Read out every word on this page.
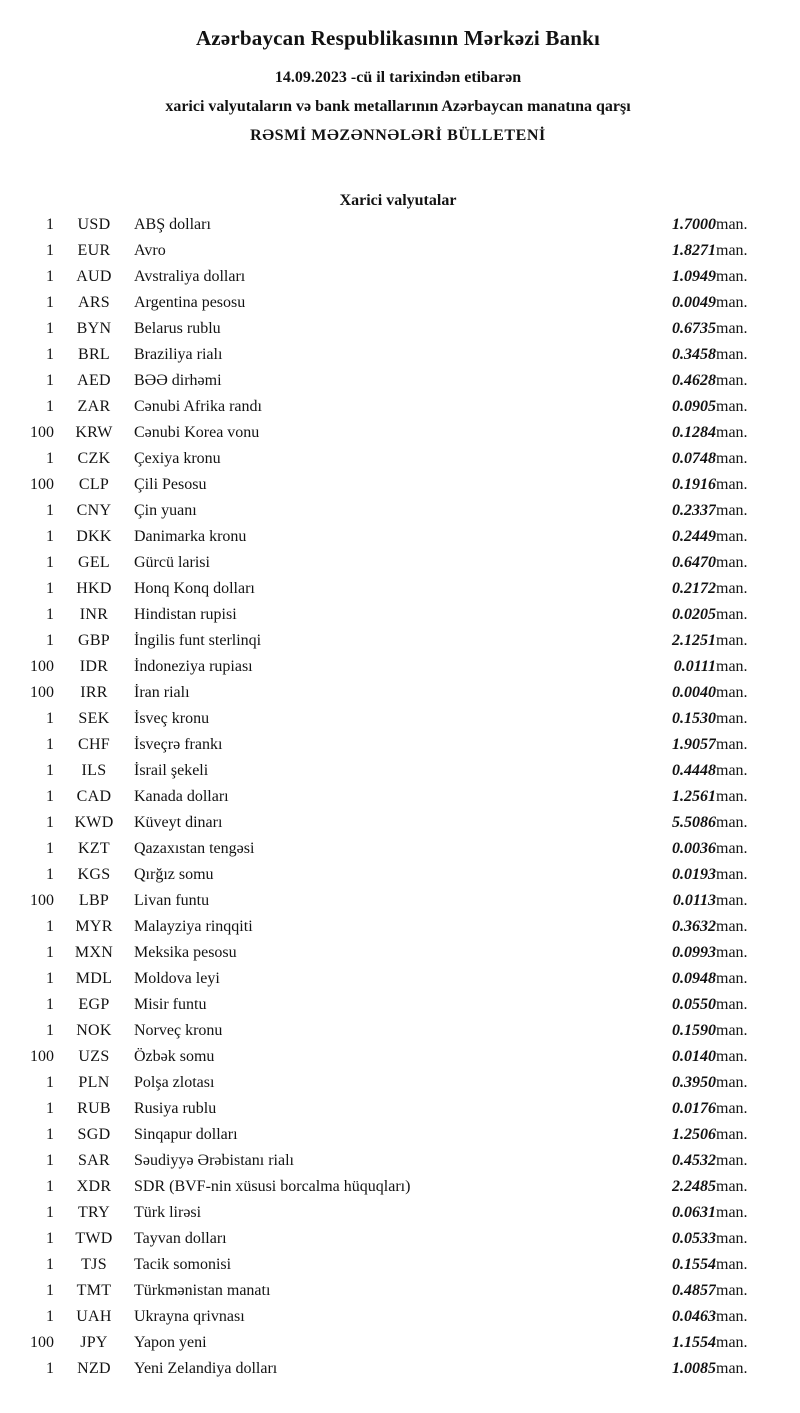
Azərbaycan Respublikasının Mərkəzi Bankı
14.09.2023 -cü il tarixindən etibarən
xarici valyutaların və bank metallarının Azərbaycan manatına qarşı
RƏSMİ MƏZƏNNƏLƏRİ BÜLLETENİ
Xarici valyutalar
1	USD	ABŞ dolları	1.7000	man.
1	EUR	Avro	1.8271	man.
1	AUD	Avstraliya dolları	1.0949	man.
1	ARS	Argentina pesosu	0.0049	man.
1	BYN	Belarus rublu	0.6735	man.
1	BRL	Braziliya rialı	0.3458	man.
1	AED	BƏƏ dirhəmi	0.4628	man.
1	ZAR	Cənubi Afrika randı	0.0905	man.
100	KRW	Cənubi Korea vonu	0.1284	man.
1	CZK	Çexiya kronu	0.0748	man.
100	CLP	Çili Pesosu	0.1916	man.
1	CNY	Çin yuanı	0.2337	man.
1	DKK	Danimarka kronu	0.2449	man.
1	GEL	Gürcü larisi	0.6470	man.
1	HKD	Honq Konq dolları	0.2172	man.
1	INR	Hindistan rupisi	0.0205	man.
1	GBP	İngilis funt sterlinqi	2.1251	man.
100	IDR	İndoneziya rupiası	0.0111	man.
100	IRR	İran rialı	0.0040	man.
1	SEK	İsveç kronu	0.1530	man.
1	CHF	İsveçrə frankı	1.9057	man.
1	ILS	İsrail şekeli	0.4448	man.
1	CAD	Kanada dolları	1.2561	man.
1	KWD	Küveyt dinarı	5.5086	man.
1	KZT	Qazaxıstan tengəsi	0.0036	man.
1	KGS	Qırğız somu	0.0193	man.
100	LBP	Livan funtu	0.0113	man.
1	MYR	Malayziya rinqqiti	0.3632	man.
1	MXN	Meksika pesosu	0.0993	man.
1	MDL	Moldova leyi	0.0948	man.
1	EGP	Misir funtu	0.0550	man.
1	NOK	Norveç kronu	0.1590	man.
100	UZS	Özbək somu	0.0140	man.
1	PLN	Polşa zlotası	0.3950	man.
1	RUB	Rusiya rublu	0.0176	man.
1	SGD	Sinqapur dolları	1.2506	man.
1	SAR	Səudiyyə Ərəbistanı rialı	0.4532	man.
1	XDR	SDR (BVF-nin xüsusi borcalma hüquqları)	2.2485	man.
1	TRY	Türk lirəsi	0.0631	man.
1	TWD	Tayvan dolları	0.0533	man.
1	TJS	Tacik somonisi	0.1554	man.
1	TMT	Türkmənistan manatı	0.4857	man.
1	UAH	Ukrayna qrivnası	0.0463	man.
100	JPY	Yapon yeni	1.1554	man.
1	NZD	Yeni Zelandiya dolları	1.0085	man.
